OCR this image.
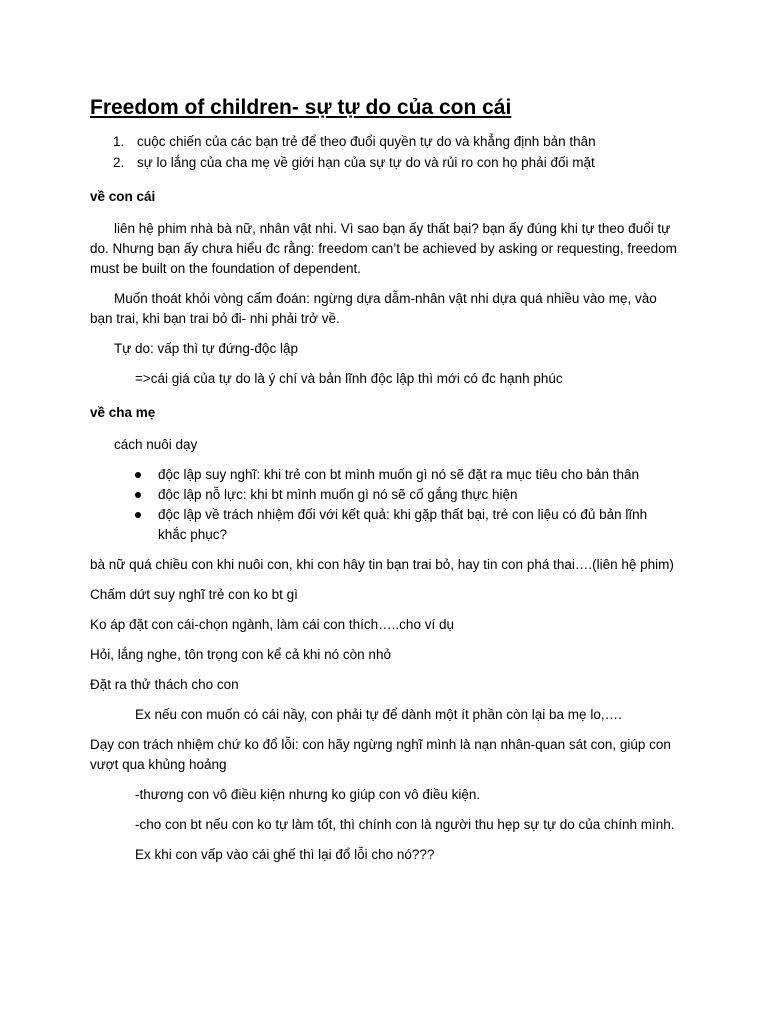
Freedom of children- sự tự do của con cái
1. cuộc chiến của các bạn trẻ để theo đuổi quyền tự do và khẳng định bản thân
2. sự lo lắng của cha mẹ về giới hạn của sự tự do và rủi ro con họ phải đối mặt

về con cái

liên hệ phim nhà bà nữ, nhân vật nhi. Vì sao bạn ấy thất bại? bạn ấy đúng khi tự theo đuổi tự do. Nhưng bạn ấy chưa hiểu đc rằng: freedom can’t be achieved by asking or requesting, freedom must be built on the foundation of dependent.

Muốn thoát khỏi vòng cấm đoán: ngừng dựa dẫm-nhân vật nhi dựa quá nhiều vào mẹ, vào bạn trai, khi bạn trai bỏ đi- nhi phải trở về.

Tự do: vấp thì tự đứng-độc lập

=>cái giá của tự do là ý chí và bản lĩnh độc lập thì mới có đc hạnh phúc

về cha mẹ

cách nuôi dạy

độc lập suy nghĩ: khi trẻ con bt mình muốn gì nó sẽ đặt ra mục tiêu cho bản thân
độc lập nỗ lực: khi bt mình muốn gì nó sẽ cố gắng thực hiện
độc lập về trách nhiệm đối với kết quả: khi gặp thất bại, trẻ con liệu có đủ bản lĩnh khắc phục?

bà nữ quá chiều con khi nuôi con, khi con hây tin bạn trai bỏ, hay tin con phá thai….(liên hệ phim)

Chấm dứt suy nghĩ trẻ con ko bt gì

Ko áp đặt con cái-chọn ngành, làm cái con thích…..cho ví dụ

Hỏi, lắng nghe, tôn trọng con kể cả khi nó còn nhỏ

Đặt ra thử thách cho con

Ex nếu con muốn có cái nầy, con phải tự để dành một ít phần còn lại ba mẹ lo,….

Dạy con trách nhiệm chứ ko đổ lỗi: con hãy ngừng nghĩ mình là nạn nhân-quan sát con, giúp con vượt qua khủng hoảng

-thương con vô điều kiện nhưng ko giúp con vô điều kiện.

-cho con bt nếu con ko tự làm tốt, thì chính con là người thu hẹp sự tự do của chính mình.

Ex khi con vấp vào cái ghế thì lại đổ lỗi cho nó???
